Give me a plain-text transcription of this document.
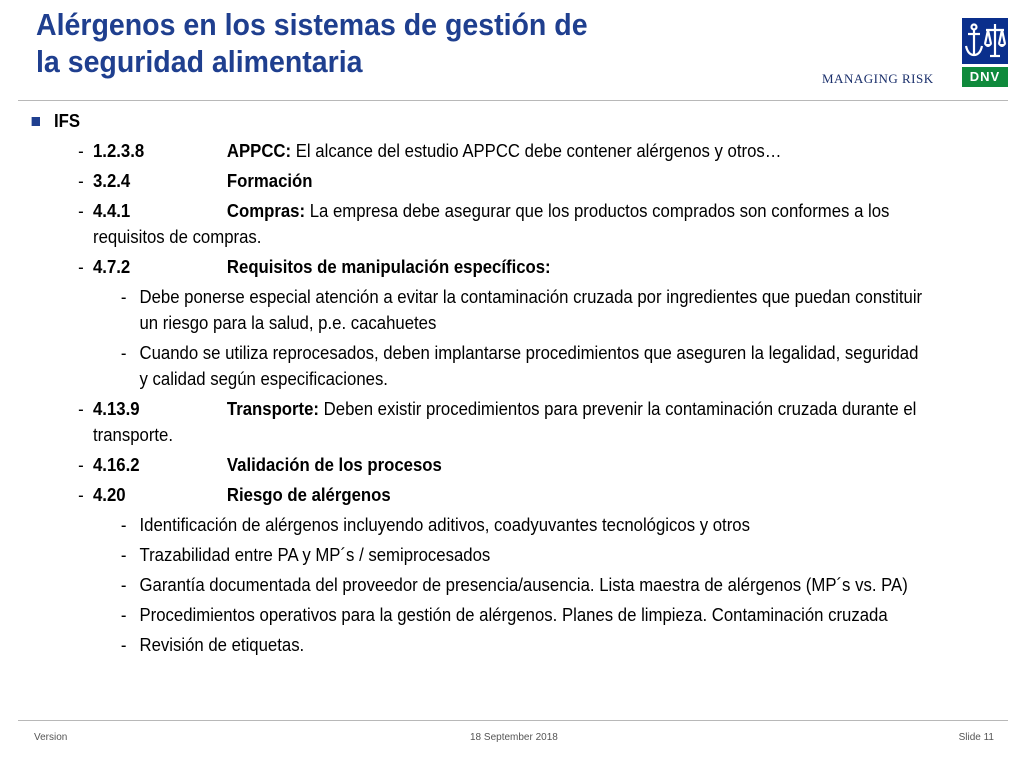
Alérgenos en los sistemas de gestión de
la seguridad alimentaria	MANAGING RISK	DNV
IFS
- 1.2.3.8	APPCC: El alcance del estudio APPCC debe contener alérgenos y otros…
- 3.2.4	Formación
- 4.4.1	Compras: La empresa debe asegurar que los productos comprados son conformes a los
requisitos de compras.
- 4.7.2	Requisitos de manipulación específicos:
- Debe ponerse especial atención a evitar la contaminación cruzada por ingredientes que puedan constituir
un riesgo para la salud, p.e. cacahuetes
- Cuando se utiliza reprocesados, deben implantarse procedimientos que aseguren la legalidad, seguridad
y calidad según especificaciones.
- 4.13.9	Transporte: Deben existir procedimientos para prevenir la contaminación cruzada durante el
transporte.
- 4.16.2	Validación de los procesos
- 4.20	Riesgo de alérgenos
- Identificación de alérgenos incluyendo aditivos, coadyuvantes tecnológicos y otros
- Trazabilidad entre PA y MP´s / semiprocesados
- Garantía documentada del proveedor de presencia/ausencia. Lista maestra de alérgenos (MP´s vs. PA)
- Procedimientos operativos para la gestión de alérgenos. Planes de limpieza. Contaminación cruzada
- Revisión de etiquetas.
Version	18 September 2018	Slide 11
